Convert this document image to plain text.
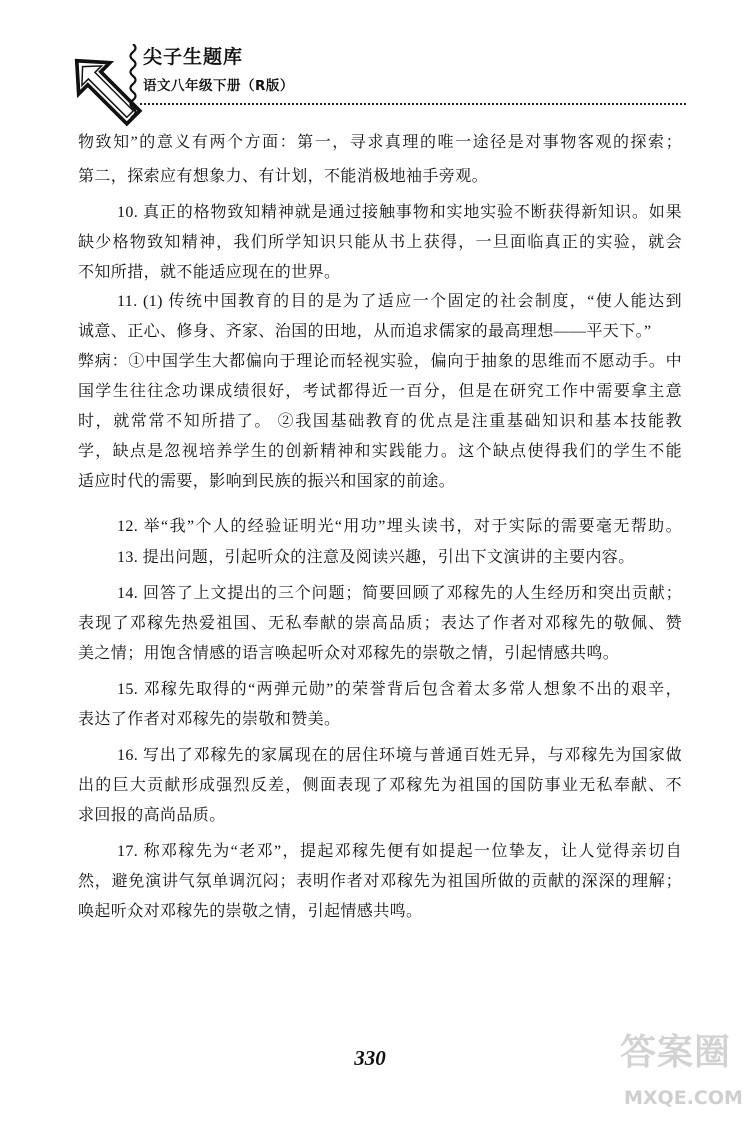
尖子生题库
语文八年级下册（R版）
物致知”的意义有两个方面：第一，寻求真理的唯一途径是对事物客观的探索；
第二，探索应有想象力、有计划，不能消极地袖手旁观。
10. 真正的格物致知精神就是通过接触事物和实地实验不断获得新知识。如果
缺少格物致知精神，我们所学知识只能从书上获得，一旦面临真正的实验，就会
不知所措，就不能适应现在的世界。
11. (1) 传统中国教育的目的是为了适应一个固定的社会制度，“使人能达到
诚意、正心、修身、齐家、治国的田地，从而追求儒家的最高理想——平天下。”
弊病：①中国学生大都偏向于理论而轻视实验，偏向于抽象的思维而不愿动手。中
国学生往往念功课成绩很好，考试都得近一百分，但是在研究工作中需要拿主意
时，就常常不知所措了。 ②我国基础教育的优点是注重基础知识和基本技能教
学，缺点是忽视培养学生的创新精神和实践能力。这个缺点使得我们的学生不能
适应时代的需要，影响到民族的振兴和国家的前途。
12. 举“我”个人的经验证明光“用功”埋头读书，对于实际的需要毫无帮助。
13. 提出问题，引起听众的注意及阅读兴趣，引出下文演讲的主要内容。
14. 回答了上文提出的三个问题；简要回顾了邓稼先的人生经历和突出贡献；
表现了邓稼先热爱祖国、无私奉献的崇高品质；表达了作者对邓稼先的敬佩、赞
美之情；用饱含情感的语言唤起听众对邓稼先的崇敬之情，引起情感共鸣。
15. 邓稼先取得的“两弹元勋”的荣誉背后包含着太多常人想象不出的艰辛，
表达了作者对邓稼先的崇敬和赞美。
16. 写出了邓稼先的家属现在的居住环境与普通百姓无异，与邓稼先为国家做
出的巨大贡献形成强烈反差，侧面表现了邓稼先为祖国的国防事业无私奉献、不
求回报的高尚品质。
17. 称邓稼先为“老邓”，提起邓稼先便有如提起一位挚友，让人觉得亲切自
然，避免演讲气氛单调沉闷；表明作者对邓稼先为祖国所做的贡献的深深的理解；
唤起听众对邓稼先的崇敬之情，引起情感共鸣。
330	答案圈
MXQE.COM
